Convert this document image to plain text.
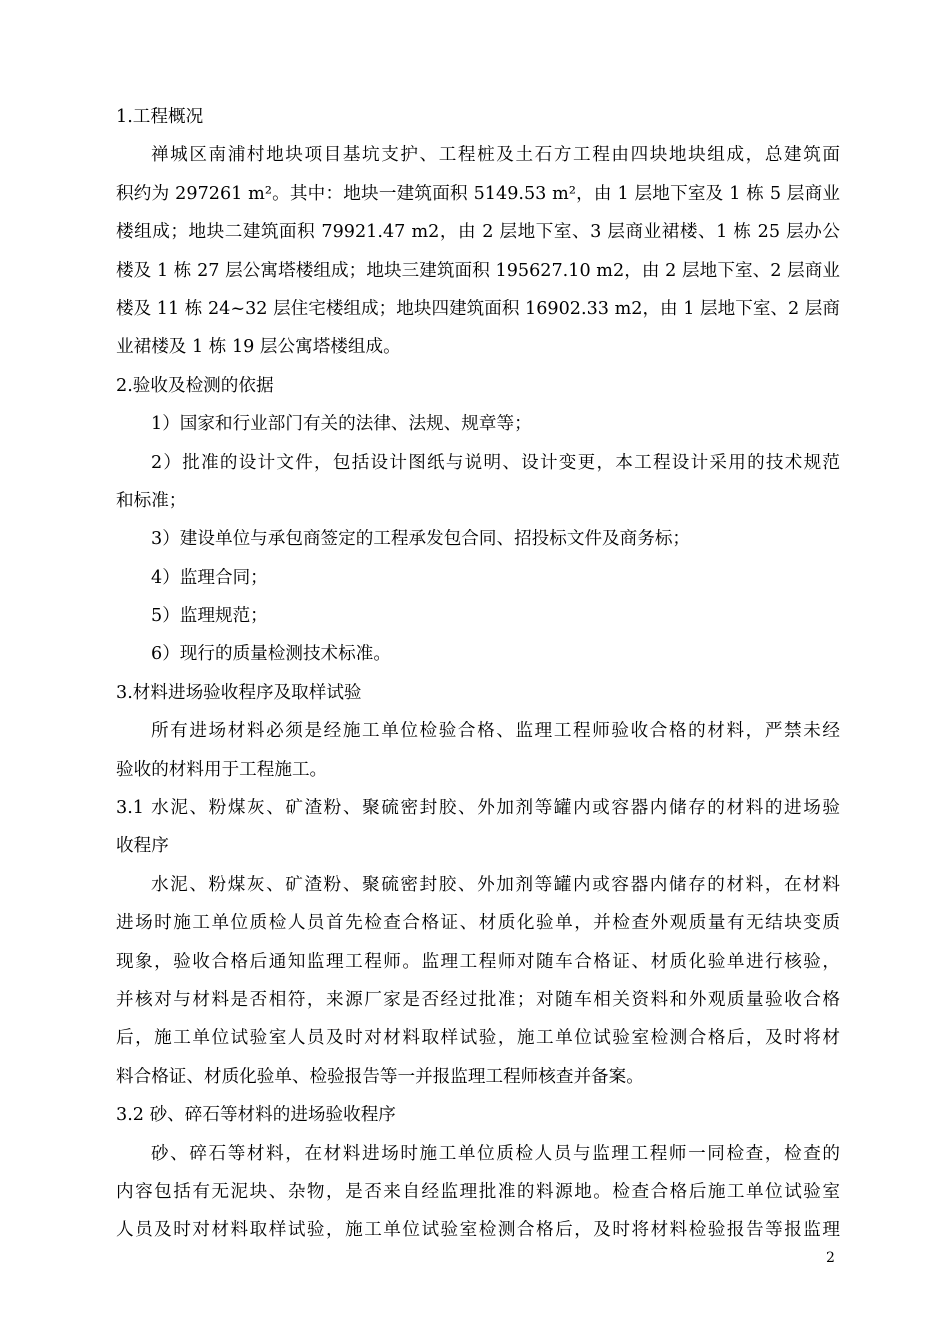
1.工程概况
禅城区南浦村地块项目基坑支护、工程桩及土石方工程由四块地块组成，总建筑面
积约为 297261 m²。其中：地块一建筑面积 5149.53 m²，由 1 层地下室及 1 栋 5 层商业
楼组成；地块二建筑面积 79921.47 m2，由 2 层地下室、3 层商业裙楼、1 栋 25 层办公
楼及 1 栋 27 层公寓塔楼组成；地块三建筑面积 195627.10 m2，由 2 层地下室、2 层商业
楼及 11 栋 24~32 层住宅楼组成；地块四建筑面积 16902.33 m2，由 1 层地下室、2 层商
业裙楼及 1 栋 19 层公寓塔楼组成。
2.验收及检测的依据
1）国家和行业部门有关的法律、法规、规章等；
2）批准的设计文件，包括设计图纸与说明、设计变更，本工程设计采用的技术规范
和标准；
3）建设单位与承包商签定的工程承发包合同、招投标文件及商务标；
4）监理合同；
5）监理规范；
6）现行的质量检测技术标准。
3.材料进场验收程序及取样试验
所有进场材料必须是经施工单位检验合格、监理工程师验收合格的材料，严禁未经
验收的材料用于工程施工。
3.1 水泥、粉煤灰、矿渣粉、聚硫密封胶、外加剂等罐内或容器内储存的材料的进场验
收程序
水泥、粉煤灰、矿渣粉、聚硫密封胶、外加剂等罐内或容器内储存的材料，在材料
进场时施工单位质检人员首先检查合格证、材质化验单，并检查外观质量有无结块变质
现象，验收合格后通知监理工程师。监理工程师对随车合格证、材质化验单进行核验，
并核对与材料是否相符，来源厂家是否经过批准；对随车相关资料和外观质量验收合格
后，施工单位试验室人员及时对材料取样试验，施工单位试验室检测合格后，及时将材
料合格证、材质化验单、检验报告等一并报监理工程师核查并备案。
3.2 砂、碎石等材料的进场验收程序
砂、碎石等材料，在材料进场时施工单位质检人员与监理工程师一同检查，检查的
内容包括有无泥块、杂物，是否来自经监理批准的料源地。检查合格后施工单位试验室
人员及时对材料取样试验，施工单位试验室检测合格后，及时将材料检验报告等报监理
2
